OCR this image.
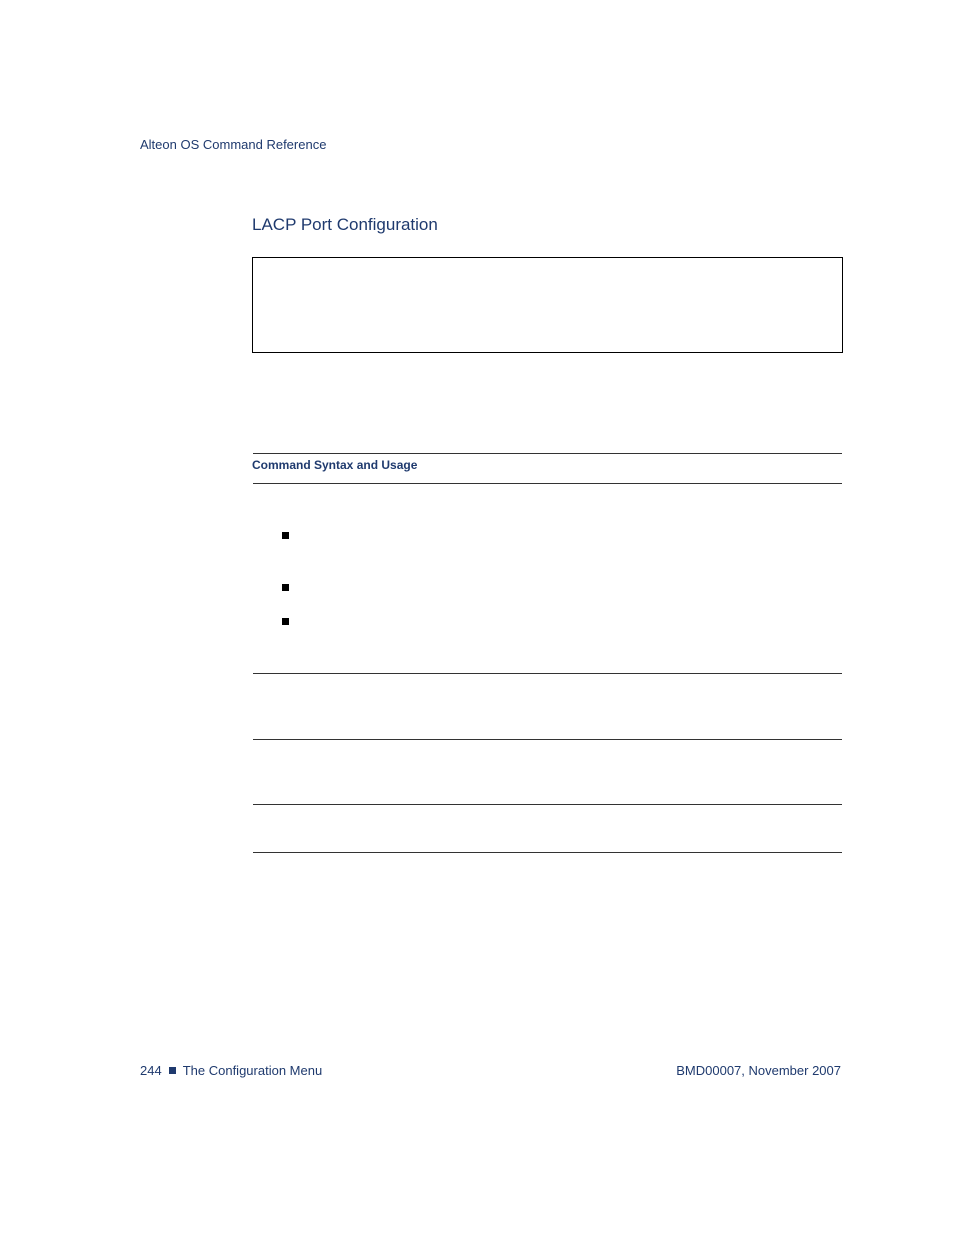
Alteon OS Command Reference
LACP Port Configuration
Command Syntax and Usage
244 The Configuration Menu	BMD00007, November 2007
